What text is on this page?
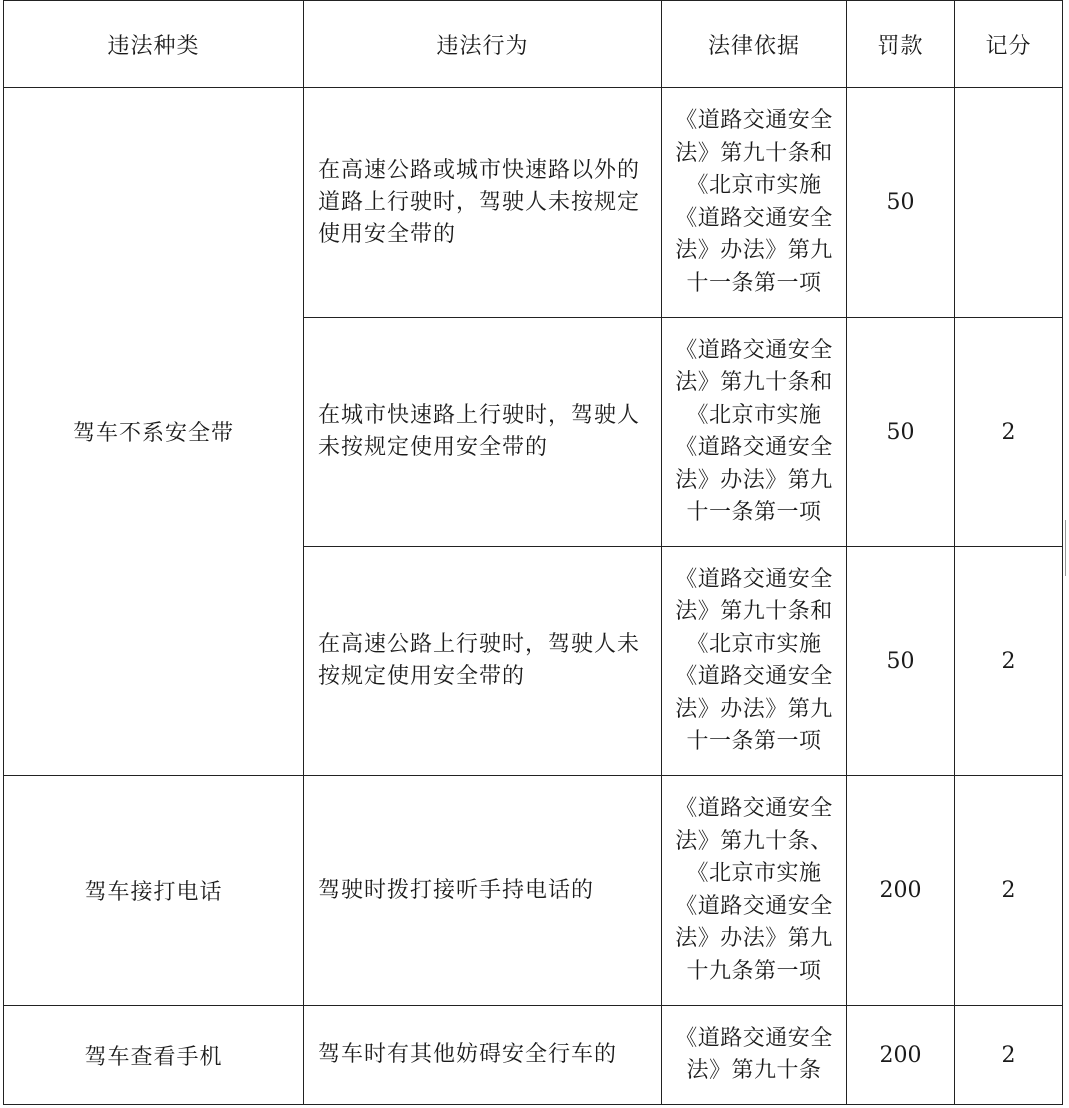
违法种类	违法行为	法律依据	罚款	记分
驾车不系安全带	在高速公路或城市快速路以外的道路上行驶时，驾驶人未按规定使用安全带的	《道路交通安全法》第九十条和《北京市实施《道路交通安全法》办法》第九十一条第一项	50	
	在城市快速路上行驶时，驾驶人未按规定使用安全带的	《道路交通安全法》第九十条和《北京市实施《道路交通安全法》办法》第九十一条第一项	50	2
	在高速公路上行驶时，驾驶人未按规定使用安全带的	《道路交通安全法》第九十条和《北京市实施《道路交通安全法》办法》第九十一条第一项	50	2
驾车接打电话	驾驶时拨打接听手持电话的	《道路交通安全法》第九十条、《北京市实施《道路交通安全法》办法》第九十九条第一项	200	2
驾车查看手机	驾车时有其他妨碍安全行车的	《道路交通安全法》第九十条	200	2
